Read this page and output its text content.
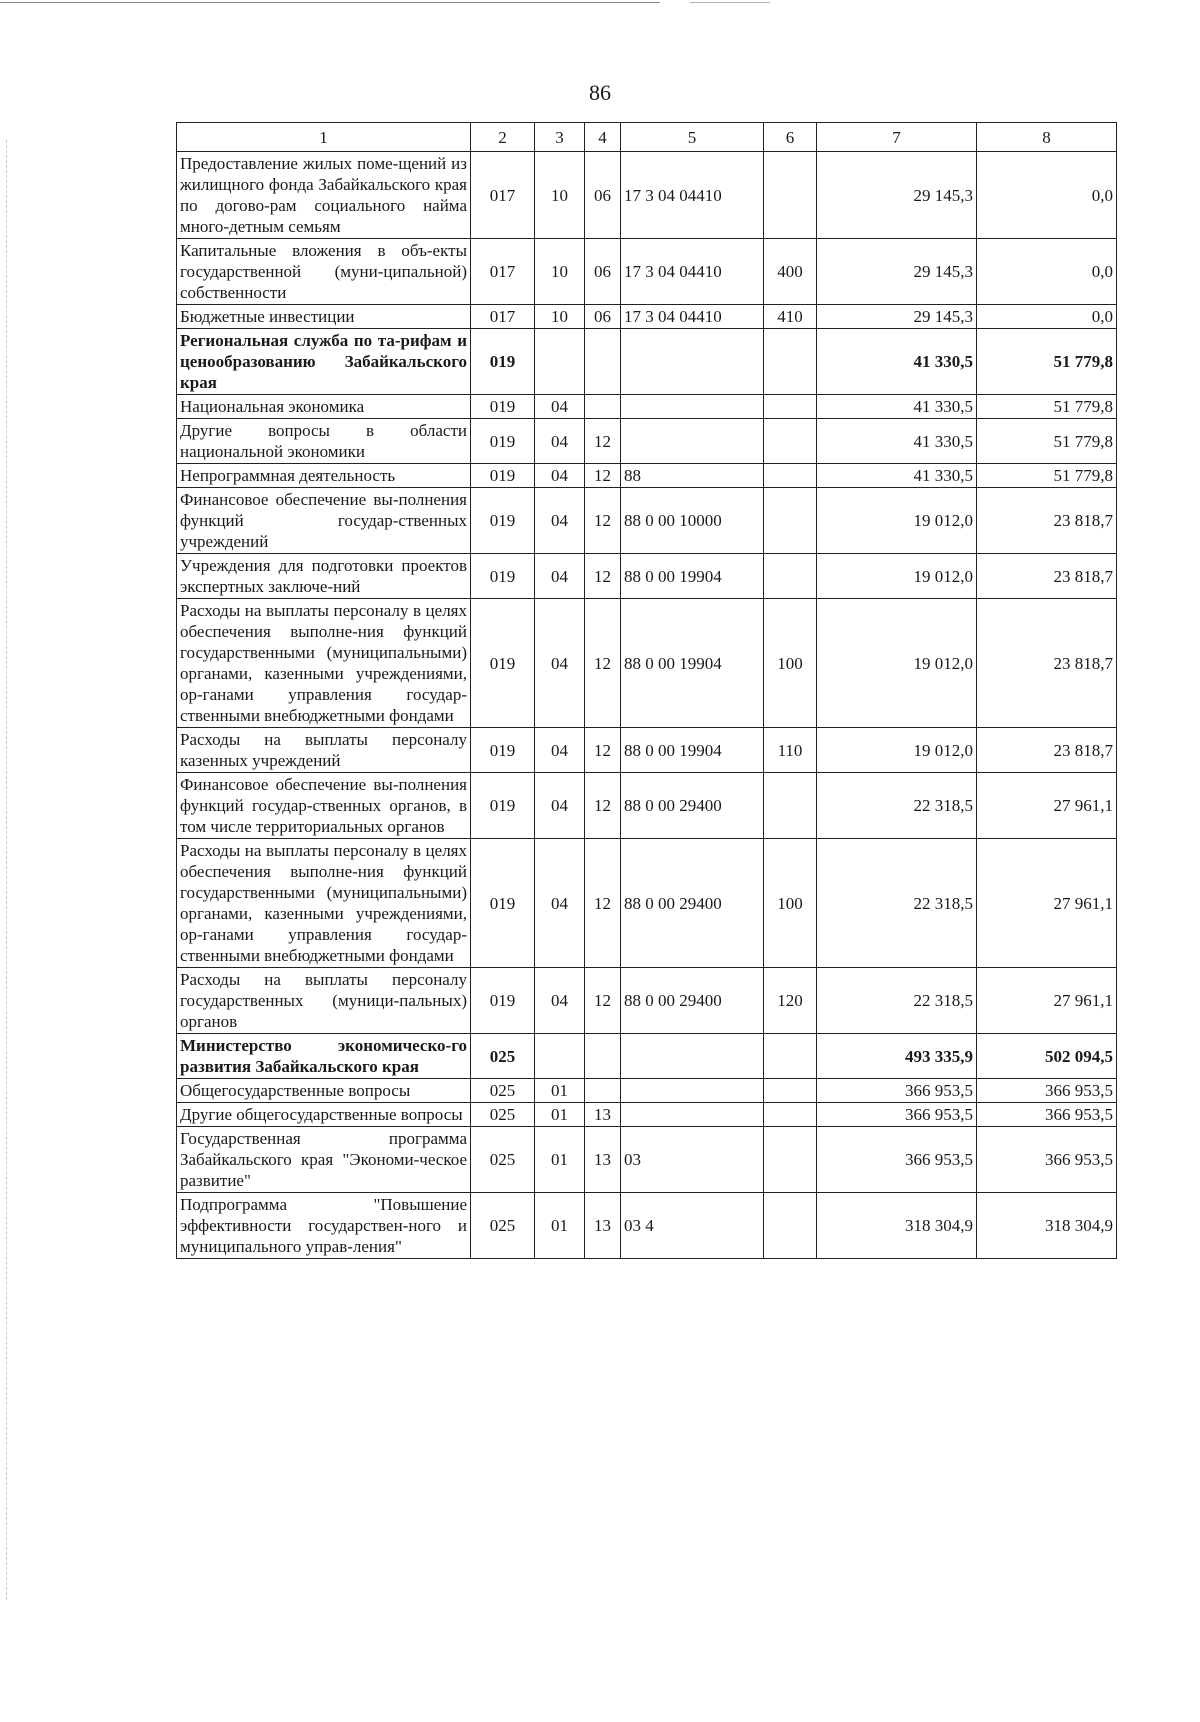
86
1	2	3	4	5	6	7	8
Предоставление жилых поме-щений из жилищного фонда Забайкальского края по догово-рам социального найма много-детным семьям	017	10	06	17 3 04 04410		29 145,3	0,0
Капитальные вложения в объ-екты государственной (муни-ципальной) собственности	017	10	06	17 3 04 04410	400	29 145,3	0,0
Бюджетные инвестиции	017	10	06	17 3 04 04410	410	29 145,3	0,0
Региональная служба по та-рифам и ценообразованию Забайкальского края	019					41 330,5	51 779,8
Национальная экономика	019	04				41 330,5	51 779,8
Другие вопросы в области национальной экономики	019	04	12			41 330,5	51 779,8
Непрограммная деятельность	019	04	12	88		41 330,5	51 779,8
Финансовое обеспечение вы-полнения функций государ-ственных учреждений	019	04	12	88 0 00 10000		19 012,0	23 818,7
Учреждения для подготовки проектов экспертных заключе-ний	019	04	12	88 0 00 19904		19 012,0	23 818,7
Расходы на выплаты персоналу в целях обеспечения выполне-ния функций государственными (муниципальными) органами, казенными учреждениями, ор-ганами управления государ-ственными внебюджетными фондами	019	04	12	88 0 00 19904	100	19 012,0	23 818,7
Расходы на выплаты персоналу казенных учреждений	019	04	12	88 0 00 19904	110	19 012,0	23 818,7
Финансовое обеспечение вы-полнения функций государ-ственных органов, в том числе территориальных органов	019	04	12	88 0 00 29400		22 318,5	27 961,1
Расходы на выплаты персоналу в целях обеспечения выполне-ния функций государственными (муниципальными) органами, казенными учреждениями, ор-ганами управления государ-ственными внебюджетными фондами	019	04	12	88 0 00 29400	100	22 318,5	27 961,1
Расходы на выплаты персоналу государственных (муници-пальных) органов	019	04	12	88 0 00 29400	120	22 318,5	27 961,1
Министерство экономическо-го развития Забайкальского края	025					493 335,9	502 094,5
Общегосударственные вопросы	025	01				366 953,5	366 953,5
Другие общегосударственные вопросы	025	01	13			366 953,5	366 953,5
Государственная программа Забайкальского края "Экономи-ческое развитие"	025	01	13	03		366 953,5	366 953,5
Подпрограмма "Повышение эффективности государствен-ного и муниципального управ-ления"	025	01	13	03 4		318 304,9	318 304,9
